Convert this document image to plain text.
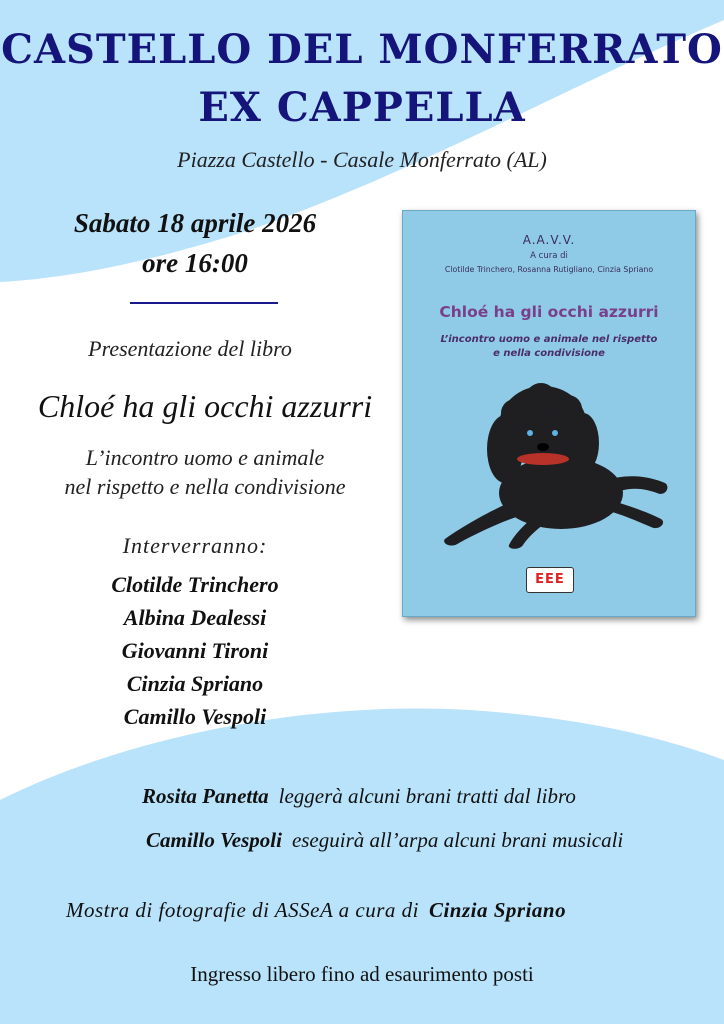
CASTELLO DEL MONFERRATO
EX CAPPELLA
Piazza Castello - Casale Monferrato (AL)
Sabato 18 aprile 2026
ore 16:00
Presentazione del libro
Chloé ha gli occhi azzurri
L’incontro uomo e animale
nel rispetto e nella condivisione
Interverranno:
Clotilde Trinchero
Albina Dealessi
Giovanni Tironi
Cinzia Spriano
Camillo Vespoli
A.A.V.V.
A cura di
Clotilde Trinchero, Rosanna Rutigliano, Cinzia Spriano
Chloé ha gli occhi azzurri
L’incontro uomo e animale nel rispetto
e nella condivisione
EEE
Rosita Panetta leggerà alcuni brani tratti dal libro
Camillo Vespoli eseguirà all’arpa alcuni brani musicali
Mostra di fotografie di ASSeA a cura di Cinzia Spriano
Ingresso libero fino ad esaurimento posti
